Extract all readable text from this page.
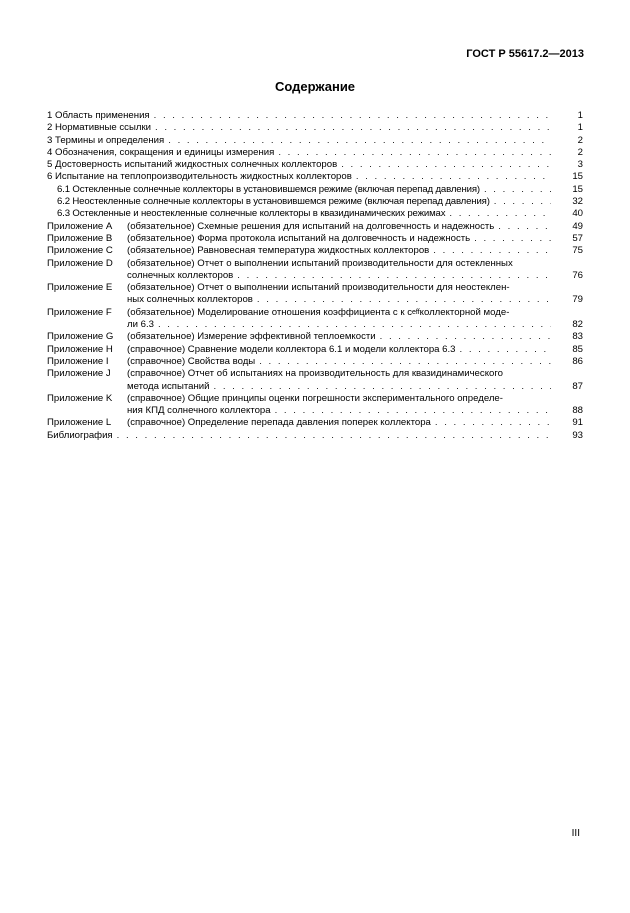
ГОСТ Р 55617.2—2013
Содержание
1 Область применения . . .	1
2 Нормативные ссылки . . .	1
3 Термины и определения . . .	2
4 Обозначения, сокращения и единицы измерения . . .	2
5 Достоверность испытаний жидкостных солнечных коллекторов . . .	3
6 Испытание на теплопроизводительность жидкостных коллекторов . . .	15
6.1 Остекленные солнечные коллекторы в установившемся режиме (включая перепад давления) . . .	15
6.2 Неостекленные солнечные коллекторы в установившемся режиме (включая перепад давления) . . .	32
6.3 Остекленные и неостекленные солнечные коллекторы в квазидинамических режимах . . .	40
Приложение A	(обязательное) Схемные решения для испытаний на долговечность и надежность . . .	49
Приложение B	(обязательное) Форма протокола испытаний на долговечность и надежность . . .	57
Приложение C	(обязательное) Равновесная температура жидкостных коллекторов . . .	75
Приложение D	(обязательное) Отчет о выполнении испытаний производительности для остекленных
солнечных коллекторов . . .	76
Приложение E	(обязательное) Отчет о выполнении испытаний производительности для неостеклен-
ных солнечных коллекторов . . .	79
Приложение F	(обязательное) Моделирование отношения коэффициента c к c eff коллекторной моде-
ли 6.3 . . .	82
Приложение G	(обязательное) Измерение эффективной теплоемкости . . .	83
Приложение H	(справочное) Сравнение модели коллектора 6.1 и модели коллектора 6.3 . . .	85
Приложение I	(справочное) Свойства воды . . .	86
Приложение J	(справочное) Отчет об испытаниях на производительность для квазидинамического
метода испытаний . . .	87
Приложение K	(справочное) Общие принципы оценки погрешности экспериментального определе-
ния КПД солнечного коллектора . . .	88
Приложение L	(справочное) Определение перепада давления поперек коллектора . . .	91
Библиография . . .	93
III
